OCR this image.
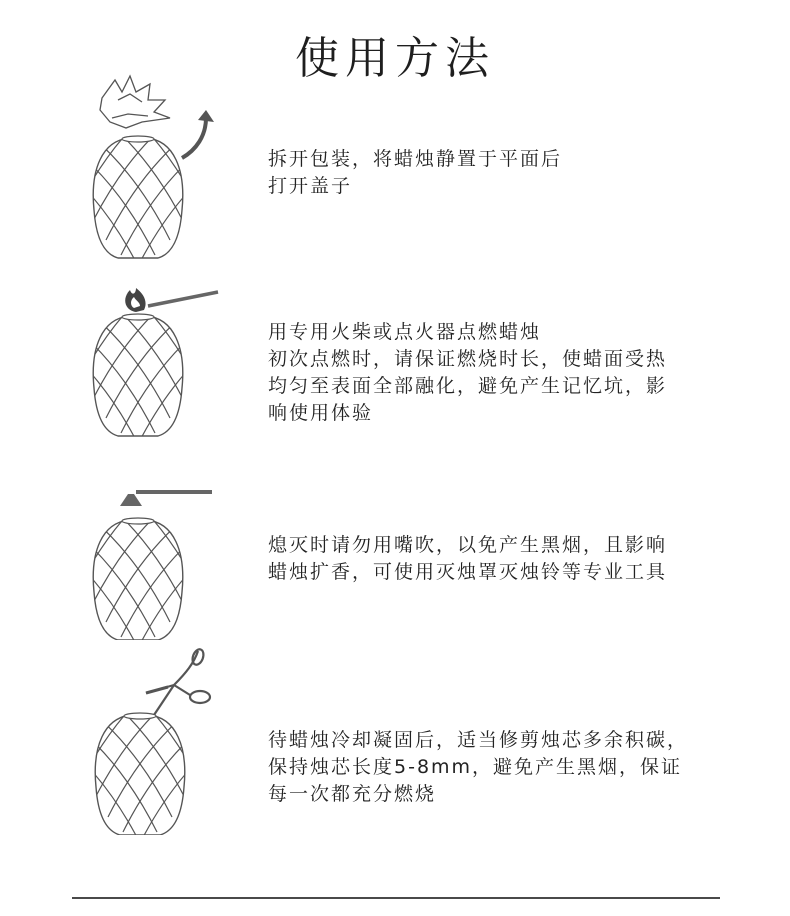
使用方法
拆开包装，将蜡烛静置于平面后
打开盖子
用专用火柴或点火器点燃蜡烛
初次点燃时，请保证燃烧时长，使蜡面受热
均匀至表面全部融化，避免产生记忆坑，影
响使用体验
熄灭时请勿用嘴吹，以免产生黑烟，且影响
蜡烛扩香，可使用灭烛罩灭烛铃等专业工具
待蜡烛冷却凝固后，适当修剪烛芯多余积碳，
保持烛芯长度5-8mm，避免产生黑烟，保证
每一次都充分燃烧
